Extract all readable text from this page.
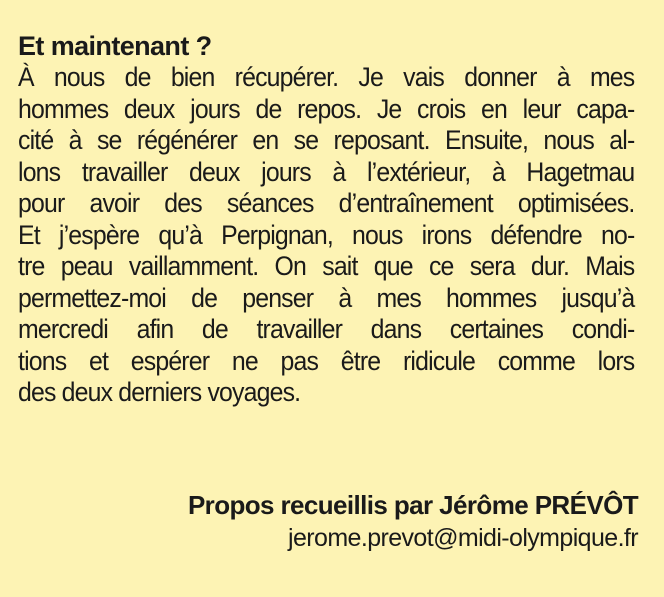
Et maintenant ?
À nous de bien récupérer. Je vais donner à mes
hommes deux jours de repos. Je crois en leur capa-
cité à se régénérer en se reposant. Ensuite, nous al-
lons travailler deux jours à l’extérieur, à Hagetmau
pour avoir des séances d’entraînement optimisées.
Et j’espère qu’à Perpignan, nous irons défendre no-
tre peau vaillamment. On sait que ce sera dur. Mais
permettez-moi de penser à mes hommes jusqu’à
mercredi afin de travailler dans certaines condi-
tions et espérer ne pas être ridicule comme lors
des deux derniers voyages.
Propos recueillis par Jérôme PRÉVÔT
jerome.prevot@midi-olympique.fr
